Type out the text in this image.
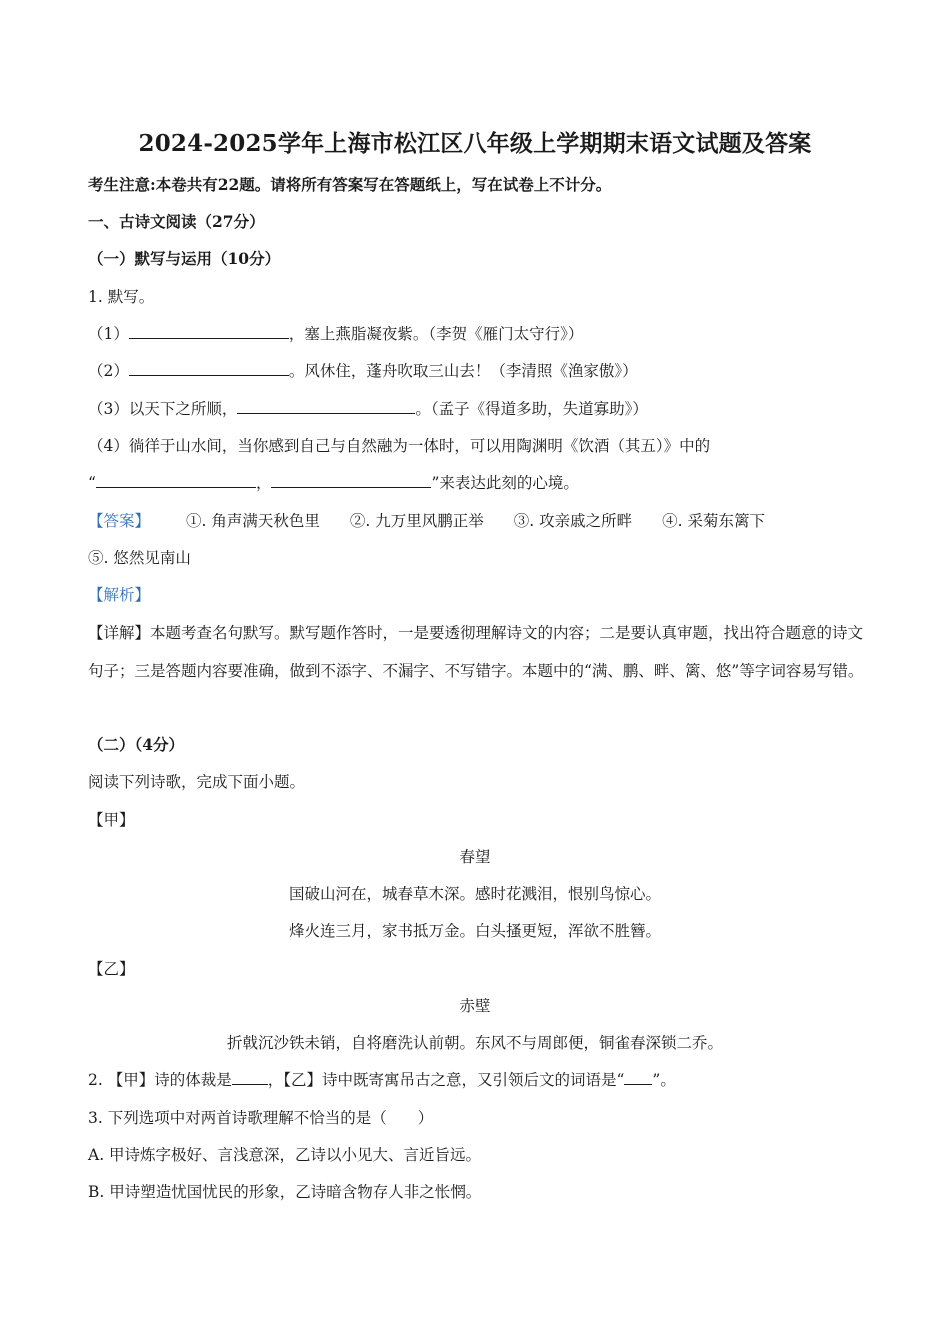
2024-2025学年上海市松江区八年级上学期期末语文试题及答案
考生注意:本卷共有22题。请将所有答案写在答题纸上，写在试卷上不计分。
一、古诗文阅读（27分）
（一）默写与运用（10分）
1. 默写。
（1）	，塞上燕脂凝夜紫。（李贺《雁门太守行》）
（2）	。风休住，蓬舟吹取三山去！（李清照《渔家傲》）
（3）以天下之所顺，	。（孟子《得道多助，失道寡助》）
（4）徜徉于山水间，当你感到自己与自然融为一体时，可以用陶渊明《饮酒（其五）》中的
“	，	”来表达此刻的心境。
【答案】 ①. 角声满天秋色里 ②. 九万里风鹏正举 ③. 攻亲戚之所畔 ④. 采菊东篱下
⑤. 悠然见南山
【解析】
【详解】本题考查名句默写。默写题作答时，一是要透彻理解诗文的内容；二是要认真审题，找出符合题意的诗文句子；三是答题内容要准确，做到不添字、不漏字、不写错字。本题中的“满、鹏、畔、篱、悠”等字词容易写错。
（二）（4分）
阅读下列诗歌，完成下面小题。
【甲】
春望
国破山河在，城春草木深。感时花溅泪，恨别鸟惊心。
烽火连三月，家书抵万金。白头搔更短，浑欲不胜簪。
【乙】
赤壁
折戟沉沙铁未销，自将磨洗认前朝。东风不与周郎便，铜雀春深锁二乔。
2. 【甲】诗的体裁是 ，【乙】诗中既寄寓吊古之意，又引领后文的词语是“ ”。
3. 下列选项中对两首诗歌理解不恰当的是（　　）
A. 甲诗炼字极好、言浅意深，乙诗以小见大、言近旨远。
B. 甲诗塑造忧国忧民的形象，乙诗暗含物存人非之怅惘。
